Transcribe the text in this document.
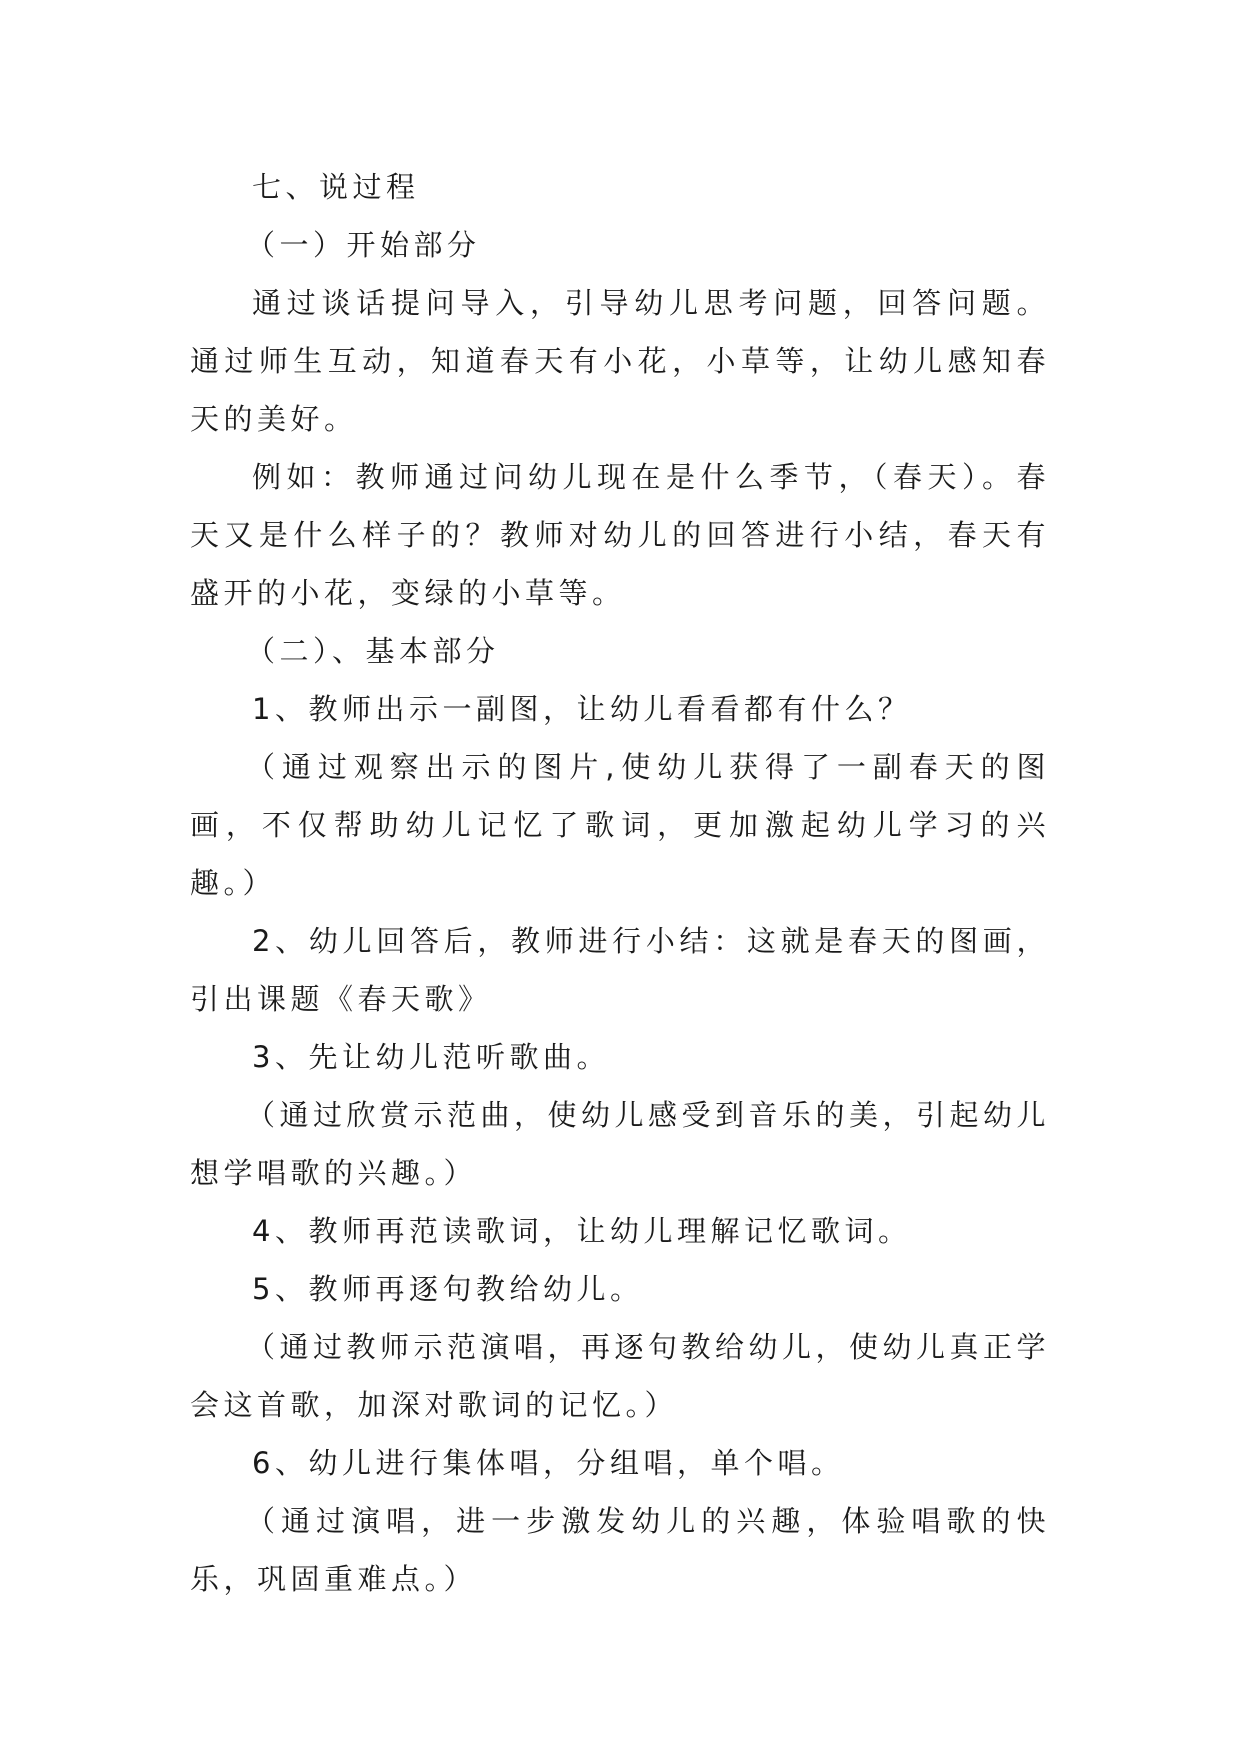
七、说过程

（一）开始部分

通过谈话提问导入，引导幼儿思考问题，回答问题。通过师生互动，知道春天有小花，小草等，让幼儿感知春天的美好。

例如：教师通过问幼儿现在是什么季节，（春天）。春天又是什么样子的？教师对幼儿的回答进行小结，春天有盛开的小花，变绿的小草等。

（二）、基本部分

1、教师出示一副图，让幼儿看看都有什么？

（通过观察出示的图片,使幼儿获得了一副春天的图画，不仅帮助幼儿记忆了歌词，更加激起幼儿学习的兴趣。）

2、幼儿回答后，教师进行小结：这就是春天的图画，引出课题《春天歌》

3、先让幼儿范听歌曲。

（通过欣赏示范曲，使幼儿感受到音乐的美，引起幼儿想学唱歌的兴趣。）

4、教师再范读歌词，让幼儿理解记忆歌词。

5、教师再逐句教给幼儿。

（通过教师示范演唱，再逐句教给幼儿，使幼儿真正学会这首歌，加深对歌词的记忆。）

6、幼儿进行集体唱，分组唱，单个唱。

（通过演唱，进一步激发幼儿的兴趣，体验唱歌的快乐，巩固重难点。）
